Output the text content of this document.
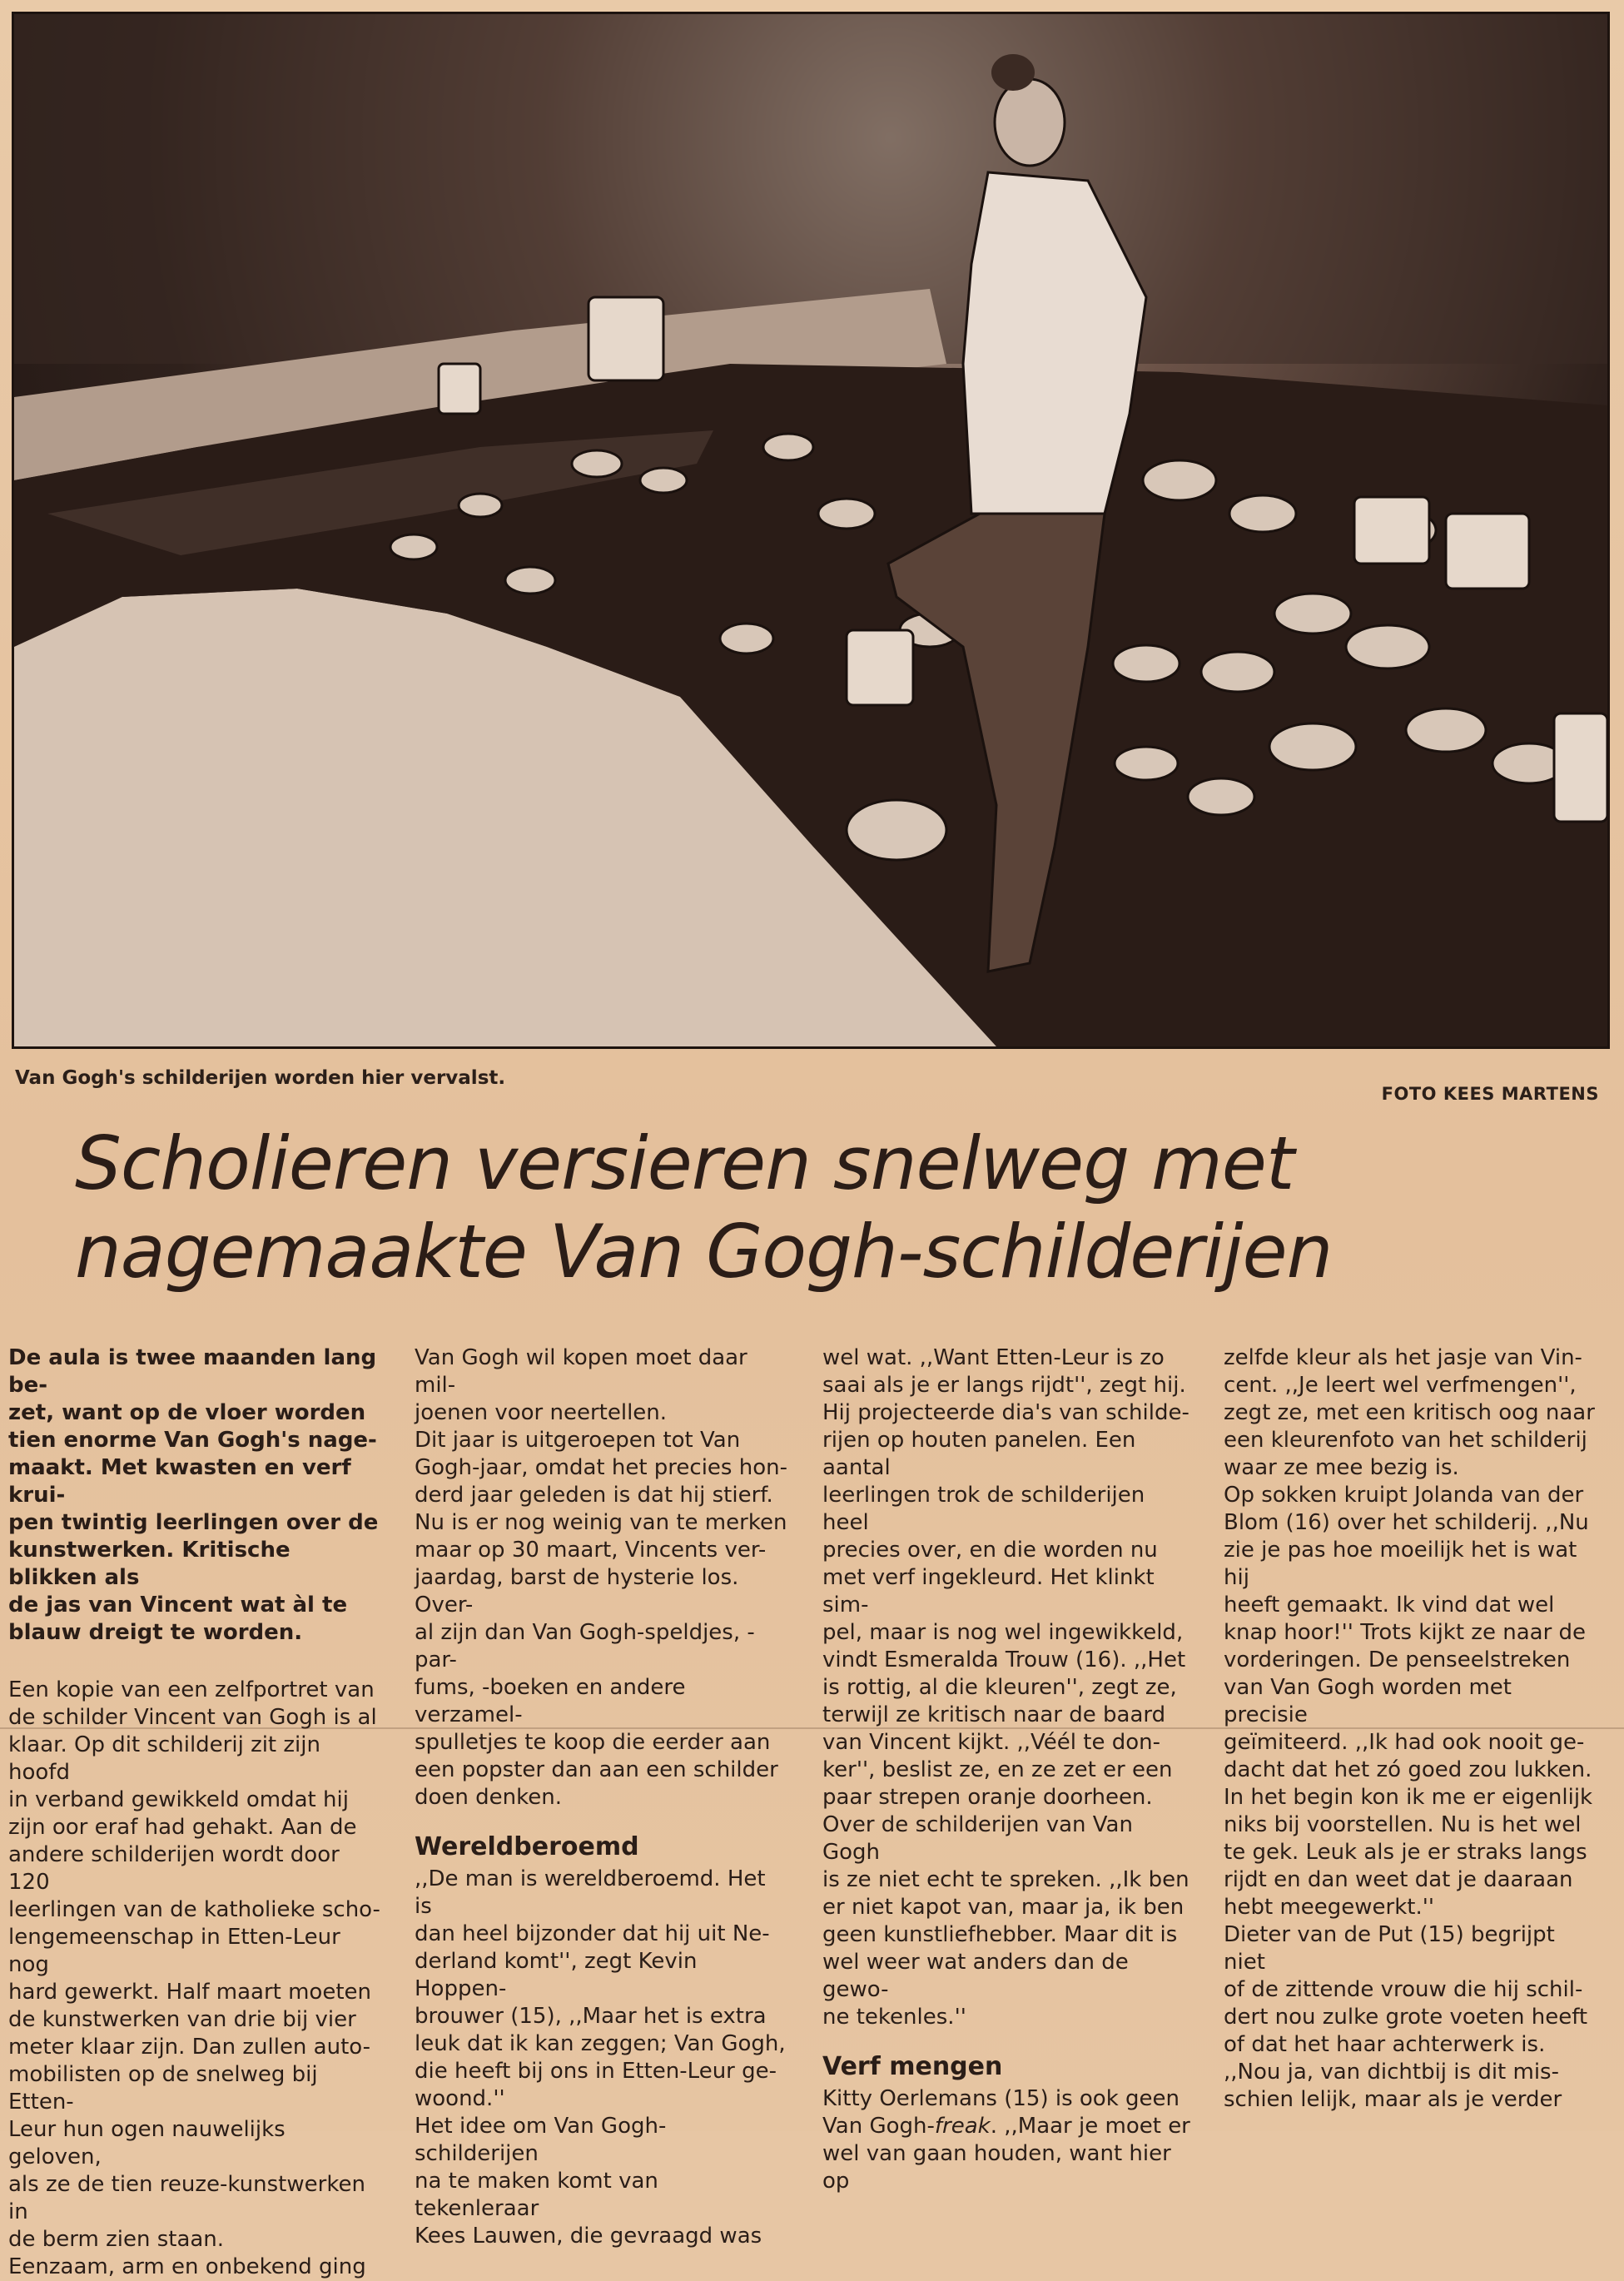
Van Gogh's schilderijen worden hier vervalst.
FOTO KEES MARTENS
Scholieren versieren snelweg met
nagemaakte Van Gogh-schilderijen

De aula is twee maanden lang be-
zet, want op de vloer worden
tien enorme Van Gogh's nage-
maakt. Met kwasten en verf krui-
pen twintig leerlingen over de
kunstwerken. Kritische blikken als
de jas van Vincent wat àl te
blauw dreigt te worden.

Een kopie van een zelfportret van
de schilder Vincent van Gogh is al
klaar. Op dit schilderij zit zijn hoofd
in verband gewikkeld omdat hij
zijn oor eraf had gehakt. Aan de
andere schilderijen wordt door 120
leerlingen van de katholieke scho-
lengemeenschap in Etten-Leur nog
hard gewerkt. Half maart moeten
de kunstwerken van drie bij vier
meter klaar zijn. Dan zullen auto-
mobilisten op de snelweg bij Etten-
Leur hun ogen nauwelijks geloven,
als ze de tien reuze-kunstwerken in
de berm zien staan.
Eenzaam, arm en onbekend ging

Van Gogh wil kopen moet daar mil-
joenen voor neertellen.
Dit jaar is uitgeroepen tot Van
Gogh-jaar, omdat het precies hon-
derd jaar geleden is dat hij stierf.
Nu is er nog weinig van te merken
maar op 30 maart, Vincents ver-
jaardag, barst de hysterie los. Over-
al zijn dan Van Gogh-speldjes, -par-
fums, -boeken en andere verzamel-
spulletjes te koop die eerder aan
een popster dan aan een schilder
doen denken.

Wereldberoemd

,,De man is wereldberoemd. Het is
dan heel bijzonder dat hij uit Ne-
derland komt'', zegt Kevin Hoppen-
brouwer (15), ,,Maar het is extra
leuk dat ik kan zeggen; Van Gogh,
die heeft bij ons in Etten-Leur ge-
woond.''
Het idee om Van Gogh-schilderijen
na te maken komt van tekenleraar
Kees Lauwen, die gevraagd was

wel wat. ,,Want Etten-Leur is zo
saai als je er langs rijdt'', zegt hij.
Hij projecteerde dia's van schilde-
rijen op houten panelen. Een aantal
leerlingen trok de schilderijen heel
precies over, en die worden nu
met verf ingekleurd. Het klinkt sim-
pel, maar is nog wel ingewikkeld,
vindt Esmeralda Trouw (16). ,,Het
is rottig, al die kleuren'', zegt ze,
terwijl ze kritisch naar de baard
van Vincent kijkt. ,,Véél te don-
ker'', beslist ze, en ze zet er een
paar strepen oranje doorheen.
Over de schilderijen van Van Gogh
is ze niet echt te spreken. ,,Ik ben
er niet kapot van, maar ja, ik ben
geen kunstliefhebber. Maar dit is
wel weer wat anders dan de gewo-
ne tekenles.''

Verf mengen

Kitty Oerlemans (15) is ook geen
Van Gogh-freak. ,,Maar je moet er
wel van gaan houden, want hier op

zelfde kleur als het jasje van Vin-
cent. ,,Je leert wel verfmengen'',
zegt ze, met een kritisch oog naar
een kleurenfoto van het schilderij
waar ze mee bezig is.
Op sokken kruipt Jolanda van der
Blom (16) over het schilderij. ,,Nu
zie je pas hoe moeilijk het is wat hij
heeft gemaakt. Ik vind dat wel
knap hoor!'' Trots kijkt ze naar de
vorderingen. De penseelstreken
van Van Gogh worden met precisie
geïmiteerd. ,,Ik had ook nooit ge-
dacht dat het zó goed zou lukken.
In het begin kon ik me er eigenlijk
niks bij voorstellen. Nu is het wel
te gek. Leuk als je er straks langs
rijdt en dan weet dat je daaraan
hebt meegewerkt.''
Dieter van de Put (15) begrijpt niet
of de zittende vrouw die hij schil-
dert nou zulke grote voeten heeft
of dat het haar achterwerk is.
,,Nou ja, van dichtbij is dit mis-
schien lelijk, maar als je verder
